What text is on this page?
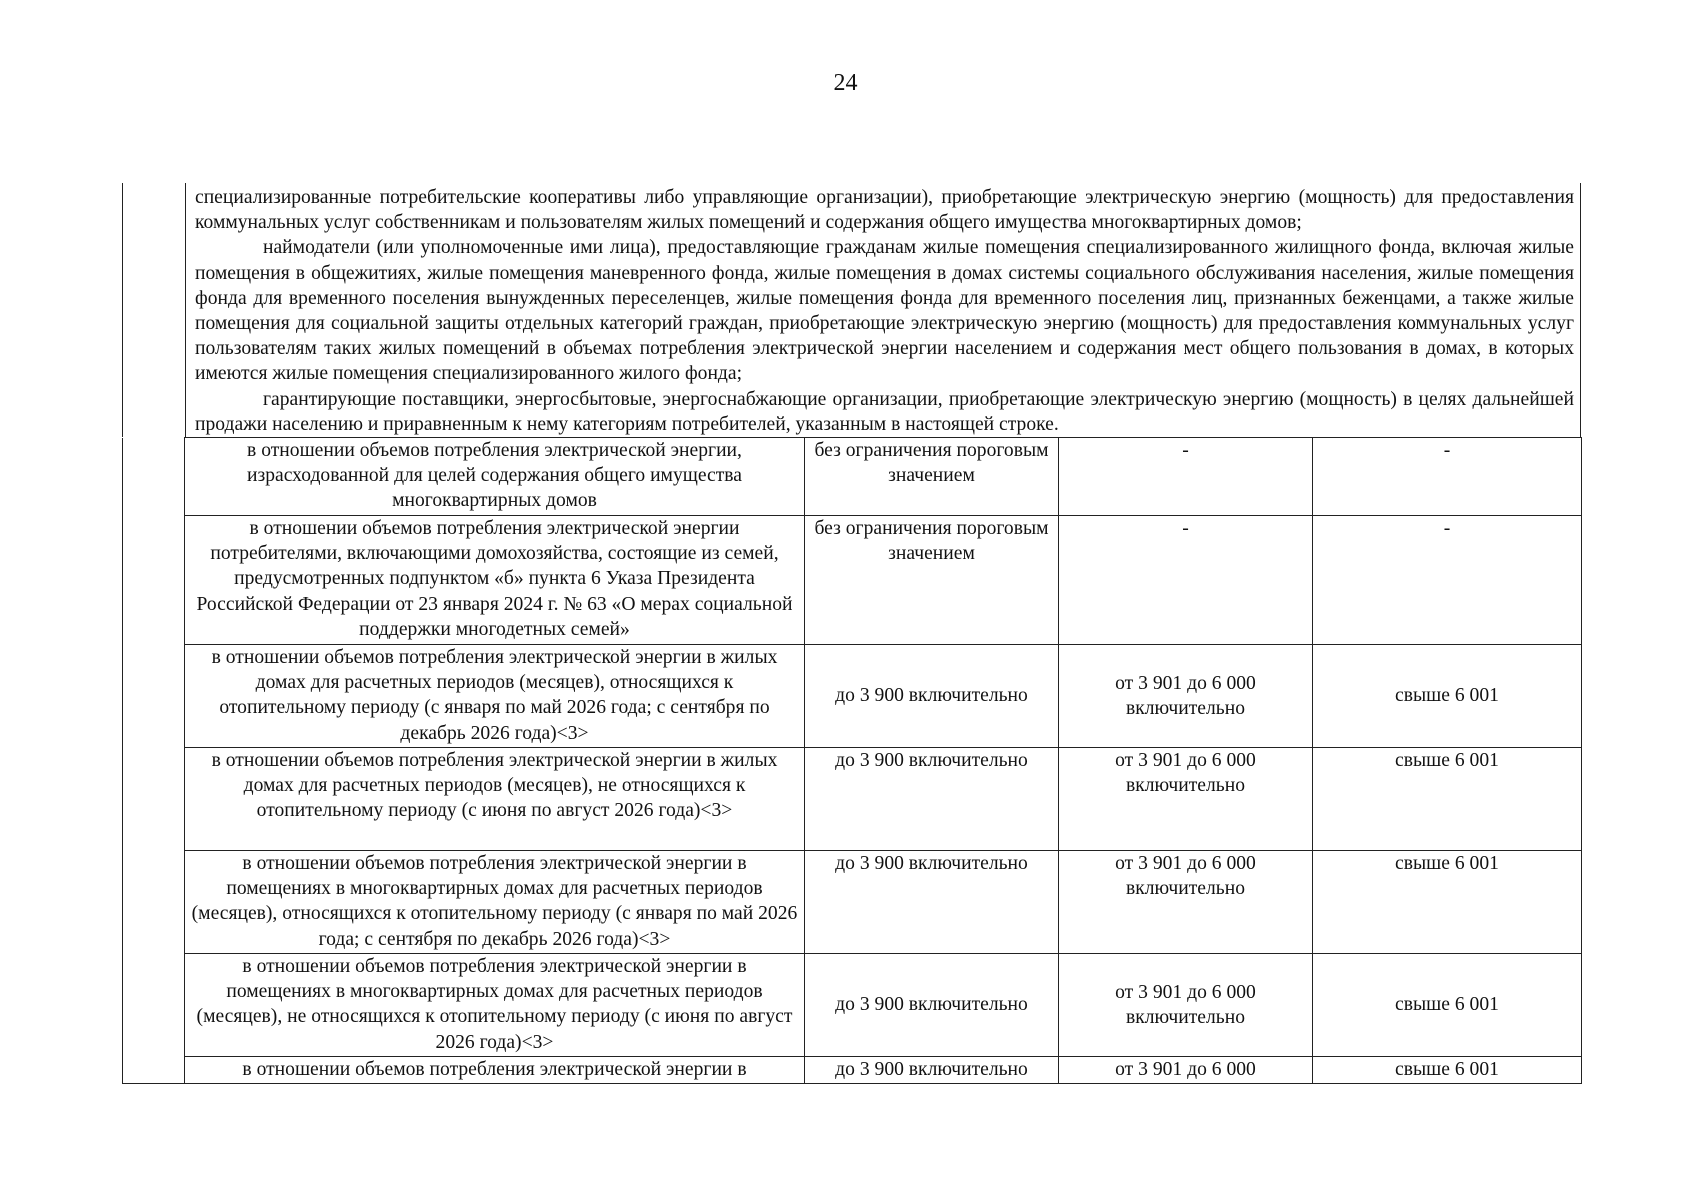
24

специализированные потребительские кооперативы либо управляющие организации), приобретающие электрическую энергию (мощность) для предоставления коммунальных услуг собственникам и пользователям жилых помещений и содержания общего имущества многоквартирных домов;

наймодатели (или уполномоченные ими лица), предоставляющие гражданам жилые помещения специализированного жилищного фонда, включая жилые помещения в общежитиях, жилые помещения маневренного фонда, жилые помещения в домах системы социального обслуживания населения, жилые помещения фонда для временного поселения вынужденных переселенцев, жилые помещения фонда для временного поселения лиц, признанных беженцами, а также жилые помещения для социальной защиты отдельных категорий граждан, приобретающие электрическую энергию (мощность) для предоставления коммунальных услуг пользователям таких жилых помещений в объемах потребления электрической энергии населением и содержания мест общего пользования в домах, в которых имеются жилые помещения специализированного жилого фонда;

гарантирующие поставщики, энергосбытовые, энергоснабжающие организации, приобретающие электрическую энергию (мощность) в целях дальнейшей продажи населению и приравненным к нему категориям потребителей, указанным в настоящей строке.

	в отношении объемов потребления электрической энергии, израсходованной для целей содержания общего имущества многоквартирных домов	без ограничения пороговым значением	-	-
	в отношении объемов потребления электрической энергии потребителями, включающими домохозяйства, состоящие из семей, предусмотренных подпунктом «б» пункта 6 Указа Президента Российской Федерации от 23 января 2024 г. № 63 «О мерах социальной поддержки многодетных семей»	без ограничения пороговым значением	-	-
	в отношении объемов потребления электрической энергии в жилых домах для расчетных периодов (месяцев), относящихся к отопительному периоду (с января по май 2026 года; с сентября по декабрь 2026 года)<3>	до 3 900 включительно	от 3 901 до 6 000 включительно	свыше 6 001
	в отношении объемов потребления электрической энергии в жилых домах для расчетных периодов (месяцев), не относящихся к отопительному периоду (с июня по август 2026 года)<3>	до 3 900 включительно	от 3 901 до 6 000 включительно	свыше 6 001
	в отношении объемов потребления электрической энергии в помещениях в многоквартирных домах для расчетных периодов (месяцев), относящихся к отопительному периоду (с января по май 2026 года; с сентября по декабрь 2026 года)<3>	до 3 900 включительно	от 3 901 до 6 000 включительно	свыше 6 001
	в отношении объемов потребления электрической энергии в помещениях в многоквартирных домах для расчетных периодов (месяцев), не относящихся к отопительному периоду (с июня по август 2026 года)<3>	до 3 900 включительно	от 3 901 до 6 000 включительно	свыше 6 001
	в отношении объемов потребления электрической энергии в	до 3 900 включительно	от 3 901 до 6 000	свыше 6 001
